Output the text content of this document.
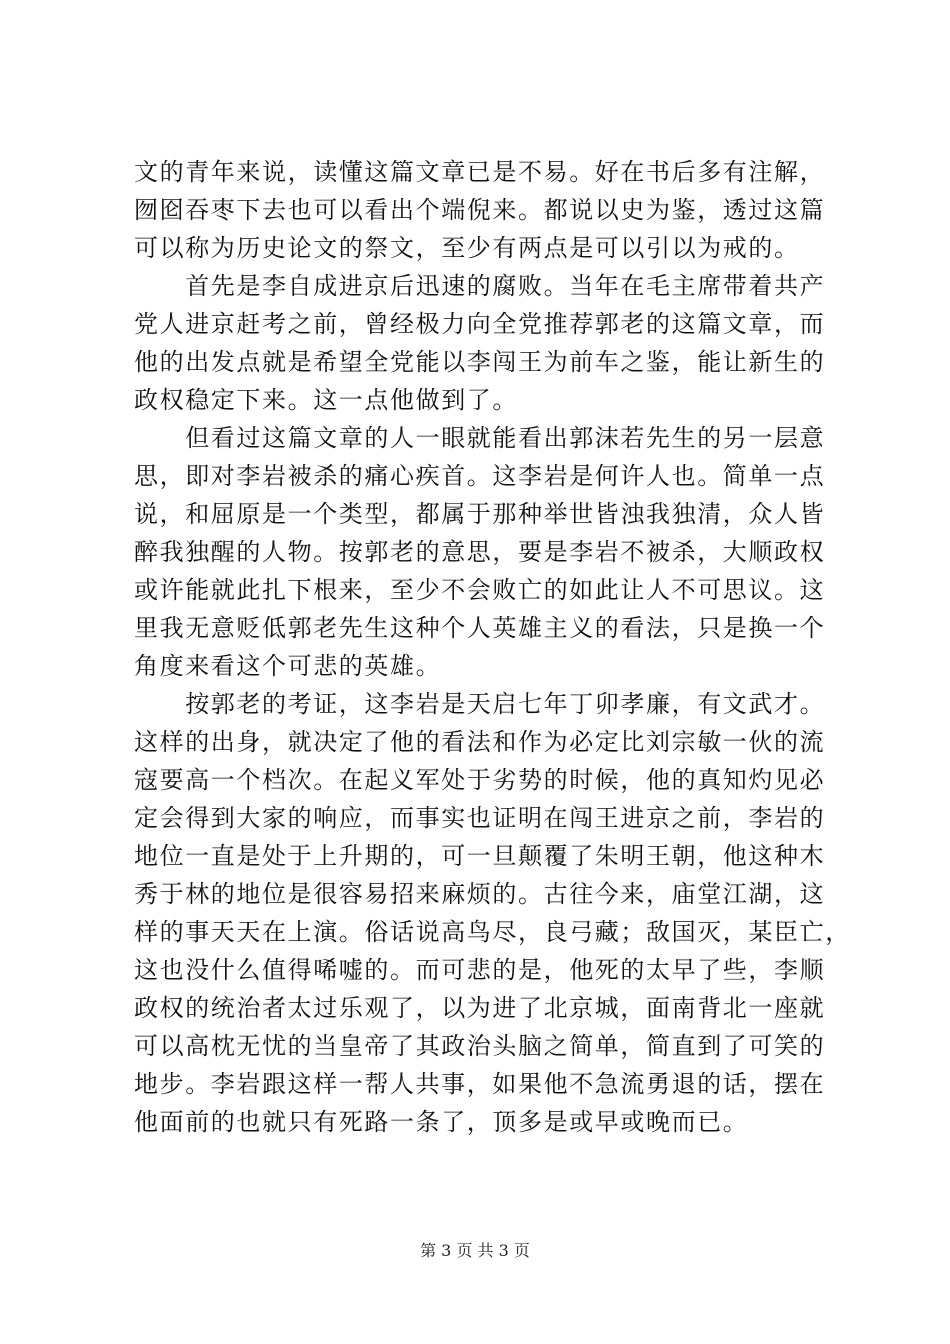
文的青年来说，读懂这篇文章已是不易。好在书后多有注解，
囫囵吞枣下去也可以看出个端倪来。都说以史为鉴，透过这篇
可以称为历史论文的祭文，至少有两点是可以引以为戒的。
　　首先是李自成进京后迅速的腐败。当年在毛主席带着共产
党人进京赶考之前，曾经极力向全党推荐郭老的这篇文章，而
他的出发点就是希望全党能以李闯王为前车之鉴，能让新生的
政权稳定下来。这一点他做到了。
　　但看过这篇文章的人一眼就能看出郭沫若先生的另一层意
思，即对李岩被杀的痛心疾首。这李岩是何许人也。简单一点
说，和屈原是一个类型，都属于那种举世皆浊我独清，众人皆
醉我独醒的人物。按郭老的意思，要是李岩不被杀，大顺政权
或许能就此扎下根来，至少不会败亡的如此让人不可思议。这
里我无意贬低郭老先生这种个人英雄主义的看法，只是换一个
角度来看这个可悲的英雄。
　　按郭老的考证，这李岩是天启七年丁卯孝廉，有文武才。
这样的出身，就决定了他的看法和作为必定比刘宗敏一伙的流
寇要高一个档次。在起义军处于劣势的时候，他的真知灼见必
定会得到大家的响应，而事实也证明在闯王进京之前，李岩的
地位一直是处于上升期的，可一旦颠覆了朱明王朝，他这种木
秀于林的地位是很容易招来麻烦的。古往今来，庙堂江湖，这
样的事天天在上演。俗话说高鸟尽，良弓藏；敌国灭，某臣亡，
这也没什么值得唏嘘的。而可悲的是，他死的太早了些，李顺
政权的统治者太过乐观了，以为进了北京城，面南背北一座就
可以高枕无忧的当皇帝了其政治头脑之简单，简直到了可笑的
地步。李岩跟这样一帮人共事，如果他不急流勇退的话，摆在
他面前的也就只有死路一条了，顶多是或早或晚而已。
第 3 页 共 3 页
